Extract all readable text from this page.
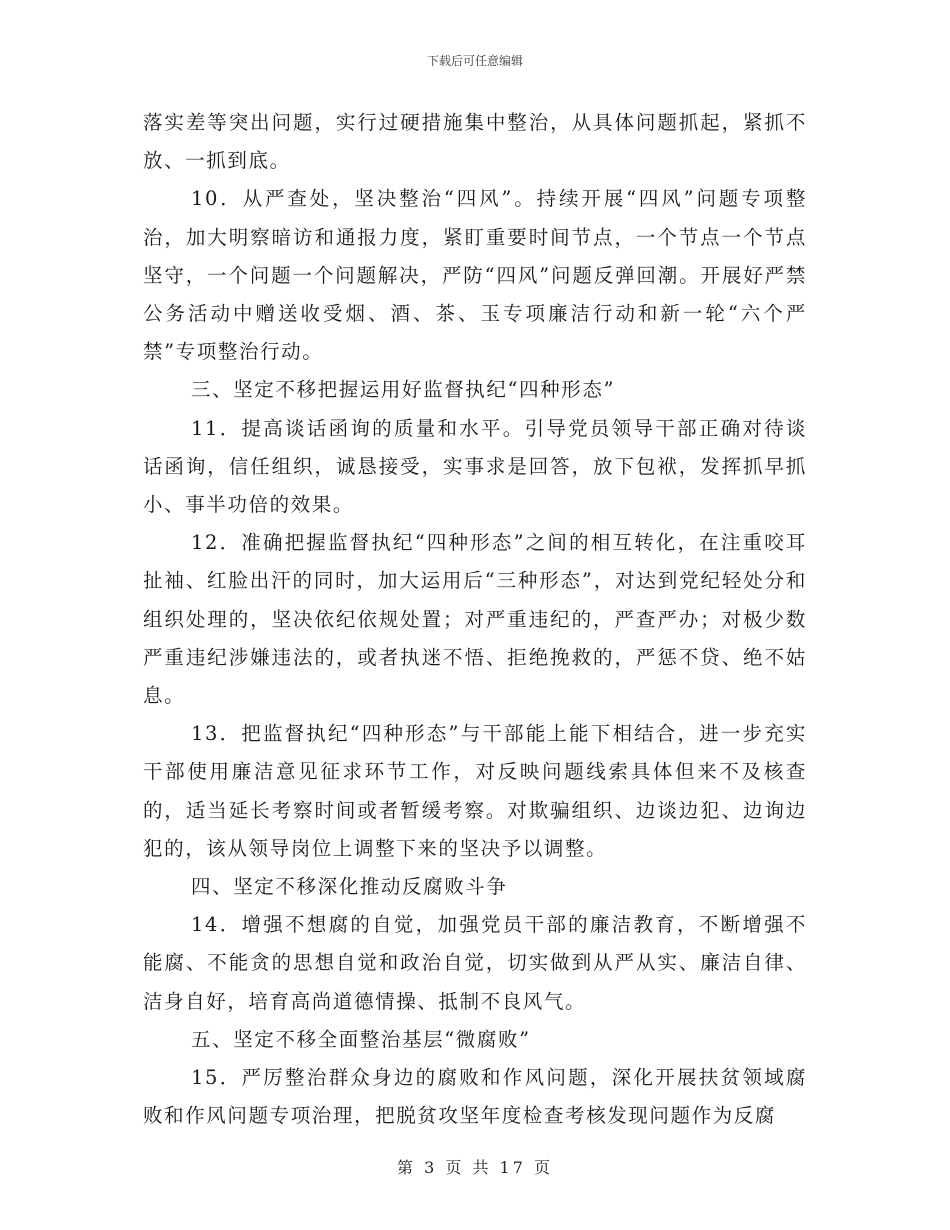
下载后可任意编辑

落实差等突出问题，实行过硬措施集中整治，从具体问题抓起，紧抓不放、一抓到底。

10．从严查处，坚决整治“四风”。持续开展“四风”问题专项整治，加大明察暗访和通报力度，紧盯重要时间节点，一个节点一个节点坚守，一个问题一个问题解决，严防“四风”问题反弹回潮。开展好严禁公务活动中赠送收受烟、酒、茶、玉专项廉洁行动和新一轮“六个严禁”专项整治行动。

三、坚定不移把握运用好监督执纪“四种形态”

11．提高谈话函询的质量和水平。引导党员领导干部正确对待谈话函询，信任组织，诚恳接受，实事求是回答，放下包袱，发挥抓早抓小、事半功倍的效果。

12．准确把握监督执纪“四种形态”之间的相互转化，在注重咬耳扯袖、红脸出汗的同时，加大运用后“三种形态”，对达到党纪轻处分和组织处理的，坚决依纪依规处置；对严重违纪的，严查严办；对极少数严重违纪涉嫌违法的，或者执迷不悟、拒绝挽救的，严惩不贷、绝不姑息。

13．把监督执纪“四种形态”与干部能上能下相结合，进一步充实干部使用廉洁意见征求环节工作，对反映问题线索具体但来不及核查的，适当延长考察时间或者暂缓考察。对欺骗组织、边谈边犯、边询边犯的，该从领导岗位上调整下来的坚决予以调整。

四、坚定不移深化推动反腐败斗争

14．增强不想腐的自觉，加强党员干部的廉洁教育，不断增强不能腐、不能贪的思想自觉和政治自觉，切实做到从严从实、廉洁自律、洁身自好，培育高尚道德情操、抵制不良风气。

五、坚定不移全面整治基层“微腐败”

15．严厉整治群众身边的腐败和作风问题，深化开展扶贫领域腐败和作风问题专项治理，把脱贫攻坚年度检查考核发现问题作为反腐

第 3 页 共 17 页
